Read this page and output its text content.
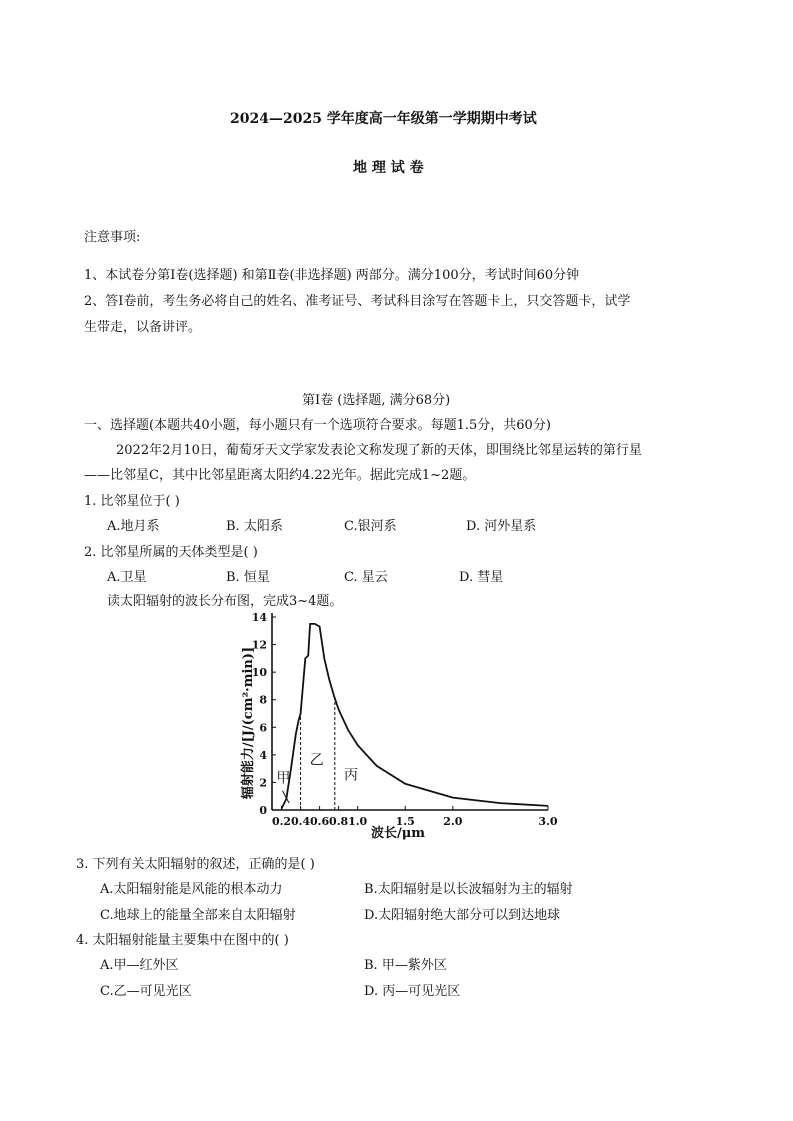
2024—2025 学年度高一年级第一学期期中考试
地 理 试 卷
注意事项:
1、本试卷分第Ⅰ卷(选择题) 和第Ⅱ卷(非选择题) 两部分。满分100分，考试时间60分钟
2、答Ⅰ卷前，考生务必将自己的姓名、准考证号、考试科目涂写在答题卡上，只交答题卡，试学
生带走，以备讲评。
第Ⅰ卷 (选择题, 满分68分)
一、选择题(本题共40小题，每小题只有一个选项符合要求。每题1.5分，共60分)
2022年2月10日，葡萄牙天文学家发表论文称发现了新的天体，即围绕比邻星运转的第行星
——比邻星C，其中比邻星距离太阳约4.22光年。据此完成1~2题。
1. 比邻星位于( )
A.地月系	B. 太阳系	C.银河系	D. 河外星系
2. 比邻星所属的天体类型是( )
A.卫星	B. 恒星	C. 星云	D. 彗星
读太阳辐射的波长分布图，完成3~4题。
0
2
4
6
8
10
12
14
0.2 0.4 0.6 0.8 1.0	1.5	2.0	3.0
甲
乙
丙
辐射能力/[J/(cm²·min)]
波长/μm
3. 下列有关太阳辐射的叙述，正确的是( )
A.太阳辐射能是风能的根本动力	B.太阳辐射是以长波辐射为主的辐射
C.地球上的能量全部来自太阳辐射	D.太阳辐射绝大部分可以到达地球
4. 太阳辐射能量主要集中在图中的( )
A.甲—红外区	B. 甲—紫外区
C.乙—可见光区	D. 丙—可见光区
